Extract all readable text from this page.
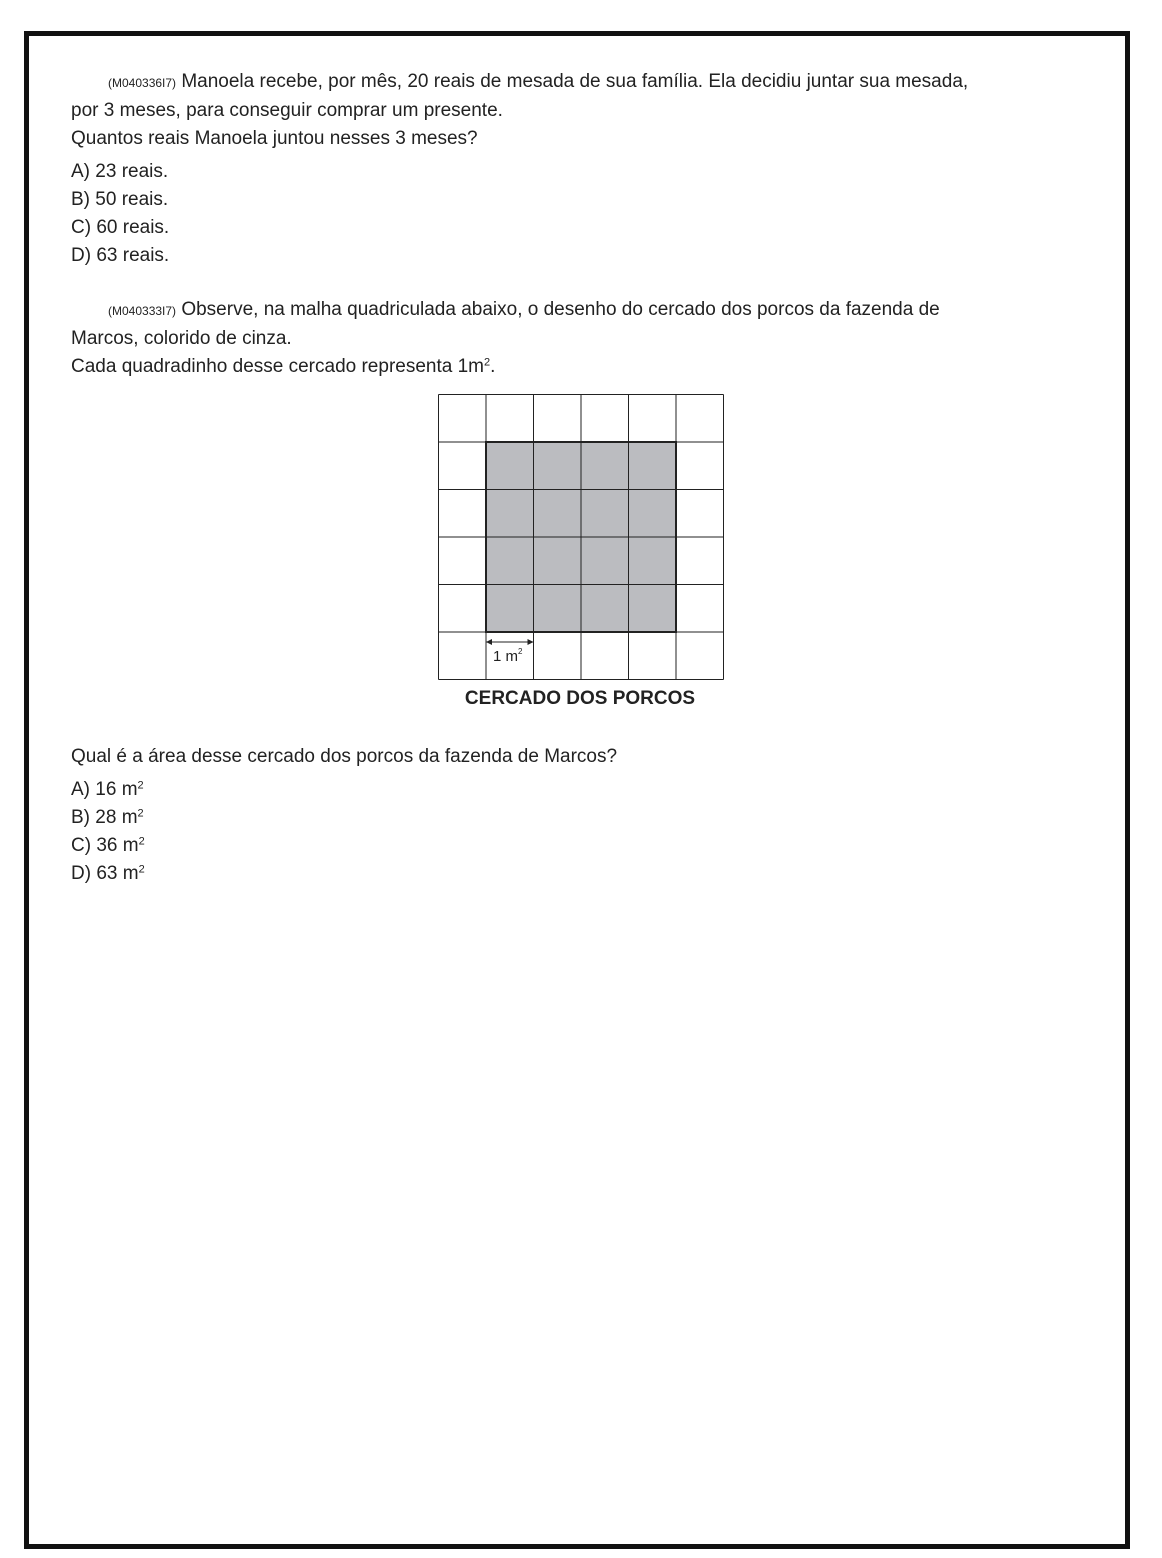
(M040336I7) Manoela recebe, por mês, 20 reais de mesada de sua família. Ela decidiu juntar sua mesada,

por 3 meses, para conseguir comprar um presente.

Quantos reais Manoela juntou nesses 3 meses?

A) 23 reais.
B) 50 reais.
C) 60 reais.
D) 63 reais.

(M040333I7) Observe, na malha quadriculada abaixo, o desenho do cercado dos porcos da fazenda de

Marcos, colorido de cinza.

Cada quadradinho desse cercado representa $1m^2$.

1 $m^2$
CERCADO DOS PORCOS
Qual é a área desse cercado dos porcos da fazenda de Marcos?
A) 16 $m^2$
B) 28 $m^2$
C) 36 $m^2$
D) 63 $m^2$
